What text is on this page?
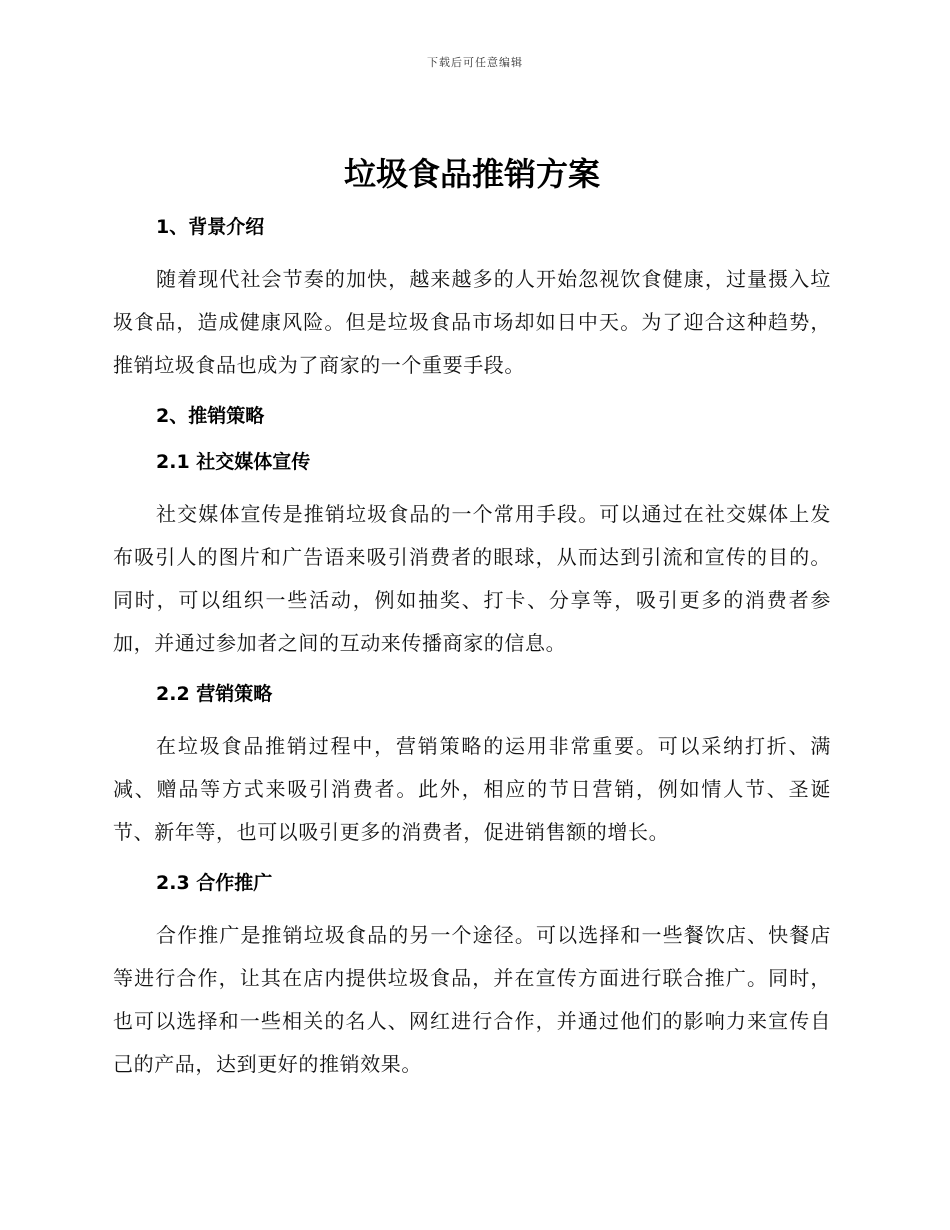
下载后可任意编辑
垃圾食品推销方案
1、背景介绍

随着现代社会节奏的加快，越来越多的人开始忽视饮食健康，过量摄入垃圾食品，造成健康风险。但是垃圾食品市场却如日中天。为了迎合这种趋势，推销垃圾食品也成为了商家的一个重要手段。

2、推销策略
2.1 社交媒体宣传

社交媒体宣传是推销垃圾食品的一个常用手段。可以通过在社交媒体上发布吸引人的图片和广告语来吸引消费者的眼球，从而达到引流和宣传的目的。同时，可以组织一些活动，例如抽奖、打卡、分享等，吸引更多的消费者参加，并通过参加者之间的互动来传播商家的信息。

2.2 营销策略

在垃圾食品推销过程中，营销策略的运用非常重要。可以采纳打折、满减、赠品等方式来吸引消费者。此外，相应的节日营销，例如情人节、圣诞节、新年等，也可以吸引更多的消费者，促进销售额的增长。

2.3 合作推广

合作推广是推销垃圾食品的另一个途径。可以选择和一些餐饮店、快餐店等进行合作，让其在店内提供垃圾食品，并在宣传方面进行联合推广。同时，也可以选择和一些相关的名人、网红进行合作，并通过他们的影响力来宣传自己的产品，达到更好的推销效果。
